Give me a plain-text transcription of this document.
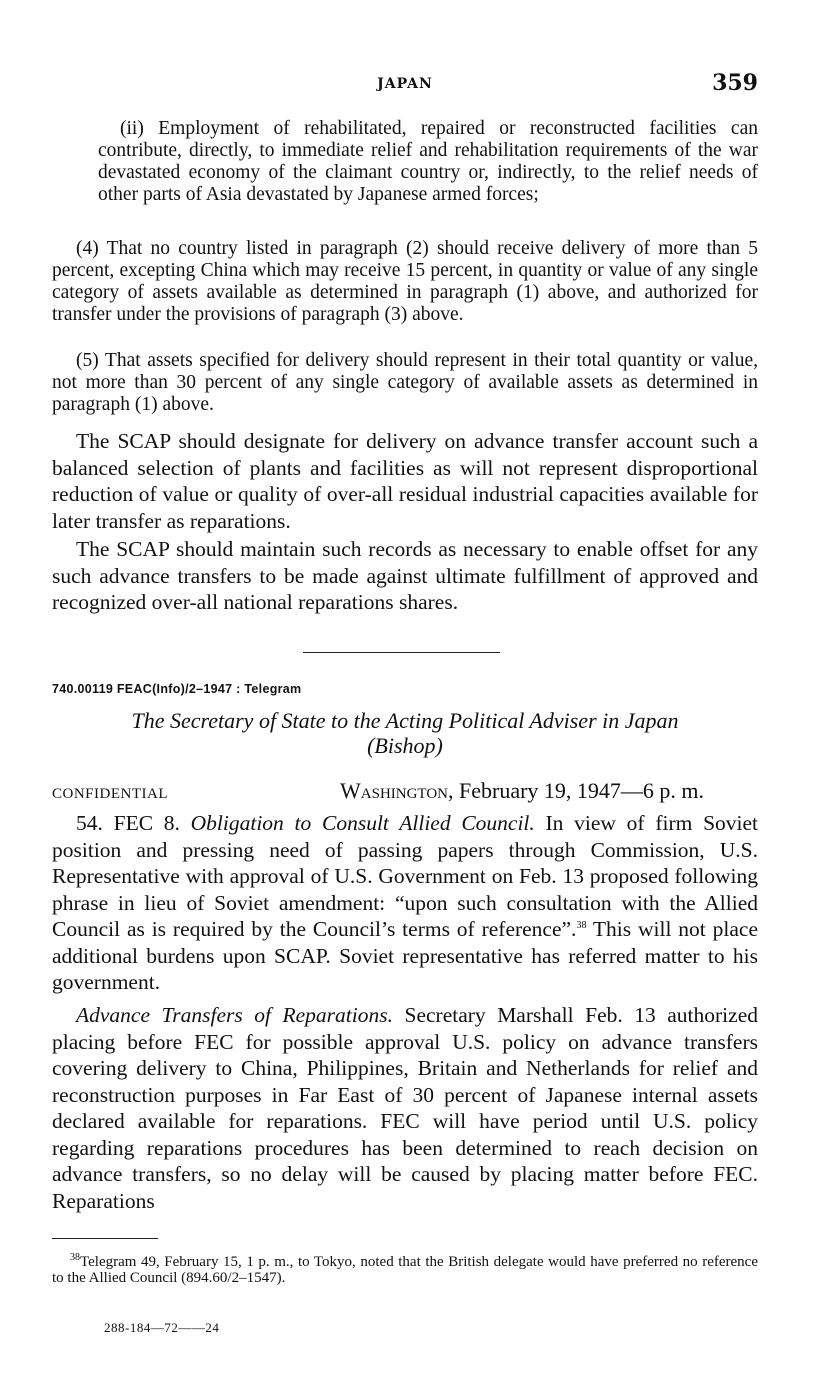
JAPAN	359

(ii) Employment of rehabilitated, repaired or reconstructed facilities can contribute, directly, to immediate relief and rehabilitation requirements of the war devastated economy of the claimant country or, indirectly, to the relief needs of other parts of Asia devastated by Japanese armed forces;

(4) That no country listed in paragraph (2) should receive delivery of more than 5 percent, excepting China which may receive 15 percent, in quantity or value of any single category of assets available as determined in paragraph (1) above, and authorized for transfer under the provisions of paragraph (3) above.

(5) That assets specified for delivery should represent in their total quantity or value, not more than 30 percent of any single category of available assets as determined in paragraph (1) above.

The SCAP should designate for delivery on advance transfer account such a balanced selection of plants and facilities as will not represent disproportional reduction of value or quality of over-all residual industrial capacities available for later transfer as reparations.

The SCAP should maintain such records as necessary to enable offset for any such advance transfers to be made against ultimate fulfillment of approved and recognized over-all national reparations shares.

740.00119 FEAC(Info)/2–1947 : Telegram
The Secretary of State to the Acting Political Adviser in Japan
(Bishop)
CONFIDENTIAL	Washington, February 19, 1947—6 p. m.

54. FEC 8. Obligation to Consult Allied Council. In view of firm Soviet position and pressing need of passing papers through Commission, U.S. Representative with approval of U.S. Government on Feb. 13 proposed following phrase in lieu of Soviet amendment: “upon such consultation with the Allied Council as is required by the Council’s terms of reference”.$^{38}$ This will not place additional burdens upon SCAP. Soviet representative has referred matter to his government.

Advance Transfers of Reparations. Secretary Marshall Feb. 13 authorized placing before FEC for possible approval U.S. policy on advance transfers covering delivery to China, Philippines, Britain and Netherlands for relief and reconstruction purposes in Far East of 30 percent of Japanese internal assets declared available for reparations. FEC will have period until U.S. policy regarding reparations procedures has been determined to reach decision on advance transfers, so no delay will be caused by placing matter before FEC. Reparations

$^{38}$Telegram 49, February 15, 1 p. m., to Tokyo, noted that the British delegate would have preferred no reference to the Allied Council (894.60/2–1547).
288-184—72——24
